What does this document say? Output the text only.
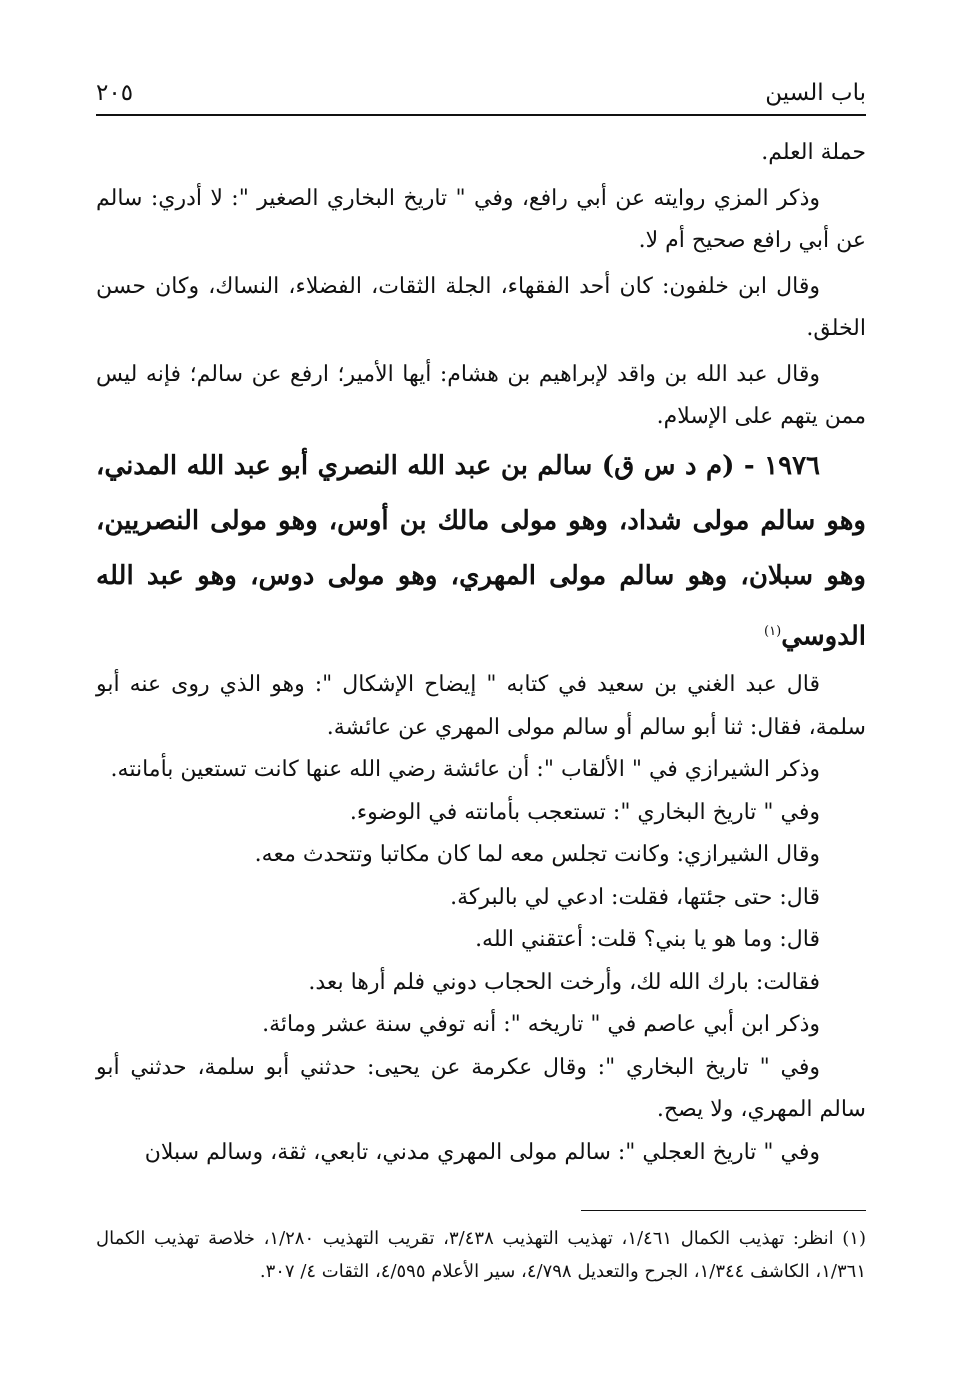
باب السين
٢٠٥

حملة العلم.

وذكر المزي روايته عن أبي رافع، وفي " تاريخ البخاري الصغير ": لا أدري: سالم عن أبي رافع صحيح أم لا.

وقال ابن خلفون: كان أحد الفقهاء، الجلة الثقات، الفضلاء، النساك، وكان حسن الخلق.

وقال عبد الله بن واقد لإبراهيم بن هشام: أيها الأمير؛ ارفع عن سالم؛ فإنه ليس ممن يتهم على الإسلام.

١٩٧٦ - (م د س ق) سالم بن عبد الله النصري أبو عبد الله المدني، وهو سالم مولى شداد، وهو مولى مالك بن أوس، وهو مولى النصريين، وهو سبلان، وهو سالم مولى المهري، وهو مولى دوس، وهو عبد الله الدوسي$^{(١)}$

قال عبد الغني بن سعيد في كتابه " إيضاح الإشكال ": وهو الذي روى عنه أبو سلمة، فقال: ثنا أبو سالم أو سالم مولى المهري عن عائشة.

وذكر الشيرازي في " الألقاب ": أن عائشة رضي الله عنها كانت تستعين بأمانته.

وفي " تاريخ البخاري ": تستعجب بأمانته في الوضوء.

وقال الشيرازي: وكانت تجلس معه لما كان مكاتبا وتتحدث معه.

قال: حتى جئتها، فقلت: ادعي لي بالبركة.

قال: وما هو يا بني؟ قلت: أعتقني الله.

فقالت: بارك الله لك، وأرخت الحجاب دوني فلم أرها بعد.

وذكر ابن أبي عاصم في " تاريخه ": أنه توفي سنة عشر ومائة.

وفي " تاريخ البخاري ": وقال عكرمة عن يحيى: حدثني أبو سلمة، حدثني أبو سالم المهري، ولا يصح.

وفي " تاريخ العجلي ": سالم مولى المهري مدني، تابعي، ثقة، وسالم سبلان

(١) انظر: تهذيب الكمال ١/٤٦١، تهذيب التهذيب ٣/٤٣٨، تقريب التهذيب ١/٢٨٠، خلاصة تهذيب الكمال ١/٣٦١، الكاشف ١/٣٤٤، الجرح والتعديل ٤/٧٩٨، سير الأعلام ٤/٥٩٥، الثقات ٤/ ٣٠٧.
